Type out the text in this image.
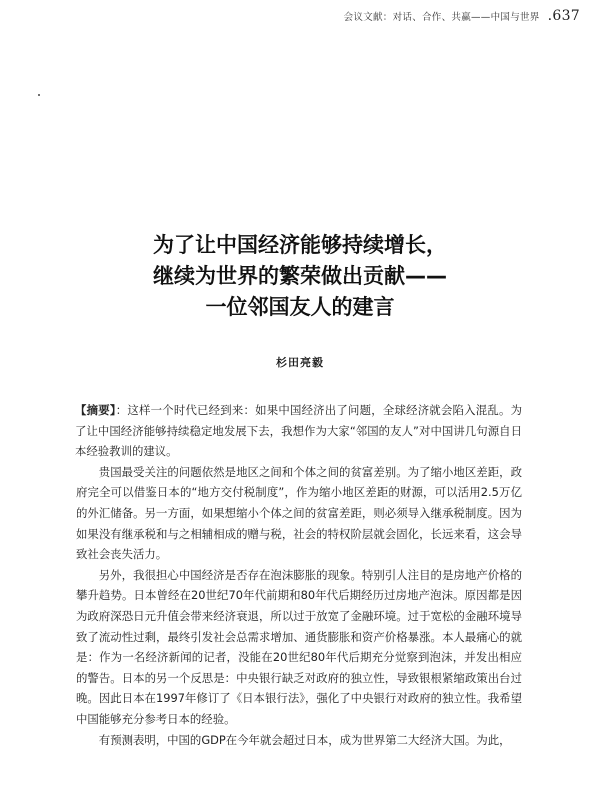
会议文献：对话、合作、共赢——中国与世界 .637
为了让中国经济能够持续增长，
继续为世界的繁荣做出贡献——
一位邻国友人的建言
杉田亮毅

【摘要】：这样一个时代已经到来：如果中国经济出了问题，全球经济就会陷入混乱。为了让中国经济能够持续稳定地发展下去，我想作为大家“邻国的友人”对中国讲几句源自日本经验教训的建议。

贵国最受关注的问题依然是地区之间和个体之间的贫富差别。为了缩小地区差距，政府完全可以借鉴日本的“地方交付税制度”，作为缩小地区差距的财源，可以活用2.5万亿的外汇储备。另一方面，如果想缩小个体之间的贫富差距，则必须导入继承税制度。因为如果没有继承税和与之相辅相成的赠与税，社会的特权阶层就会固化，长远来看，这会导致社会丧失活力。

另外，我很担心中国经济是否存在泡沫膨胀的现象。特别引人注目的是房地产价格的攀升趋势。日本曾经在20世纪70年代前期和80年代后期经历过房地产泡沫。原因都是因为政府深恐日元升值会带来经济衰退，所以过于放宽了金融环境。过于宽松的金融环境导致了流动性过剩，最终引发社会总需求增加、通货膨胀和资产价格暴涨。本人最痛心的就是：作为一名经济新闻的记者，没能在20世纪80年代后期充分觉察到泡沫，并发出相应的警告。日本的另一个反思是：中央银行缺乏对政府的独立性，导致银根紧缩政策出台过晚。因此日本在1997年修订了《日本银行法》，强化了中央银行对政府的独立性。我希望中国能够充分参考日本的经验。

有预测表明，中国的GDP在今年就会超过日本，成为世界第二大经济大国。为此，
